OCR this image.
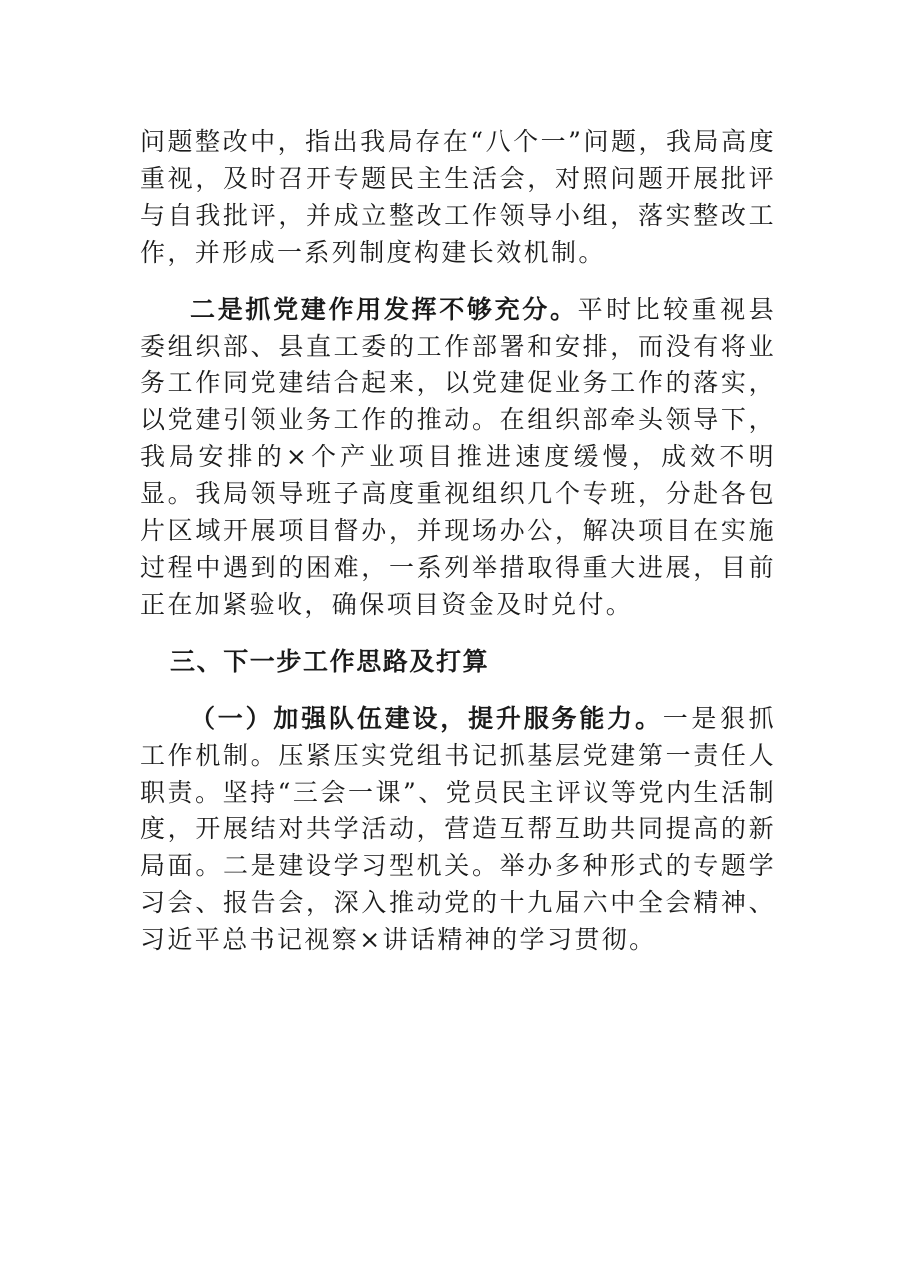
问题整改中，指出我局存在“八个一”问题，我局高度重视，及时召开专题民主生活会，对照问题开展批评与自我批评，并成立整改工作领导小组，落实整改工作，并形成一系列制度构建长效机制。

二是抓党建作用发挥不够充分。平时比较重视县委组织部、县直工委的工作部署和安排，而没有将业务工作同党建结合起来，以党建促业务工作的落实，以党建引领业务工作的推动。在组织部牵头领导下，我局安排的×个产业项目推进速度缓慢，成效不明显。我局领导班子高度重视组织几个专班，分赴各包片区域开展项目督办，并现场办公，解决项目在实施过程中遇到的困难，一系列举措取得重大进展，目前正在加紧验收，确保项目资金及时兑付。

三、下一步工作思路及打算

（一）加强队伍建设，提升服务能力。一是狠抓工作机制。压紧压实党组书记抓基层党建第一责任人职责。坚持“三会一课”、党员民主评议等党内生活制度，开展结对共学活动，营造互帮互助共同提高的新局面。二是建设学习型机关。举办多种形式的专题学习会、报告会，深入推动党的十九届六中全会精神、习近平总书记视察×讲话精神的学习贯彻。
